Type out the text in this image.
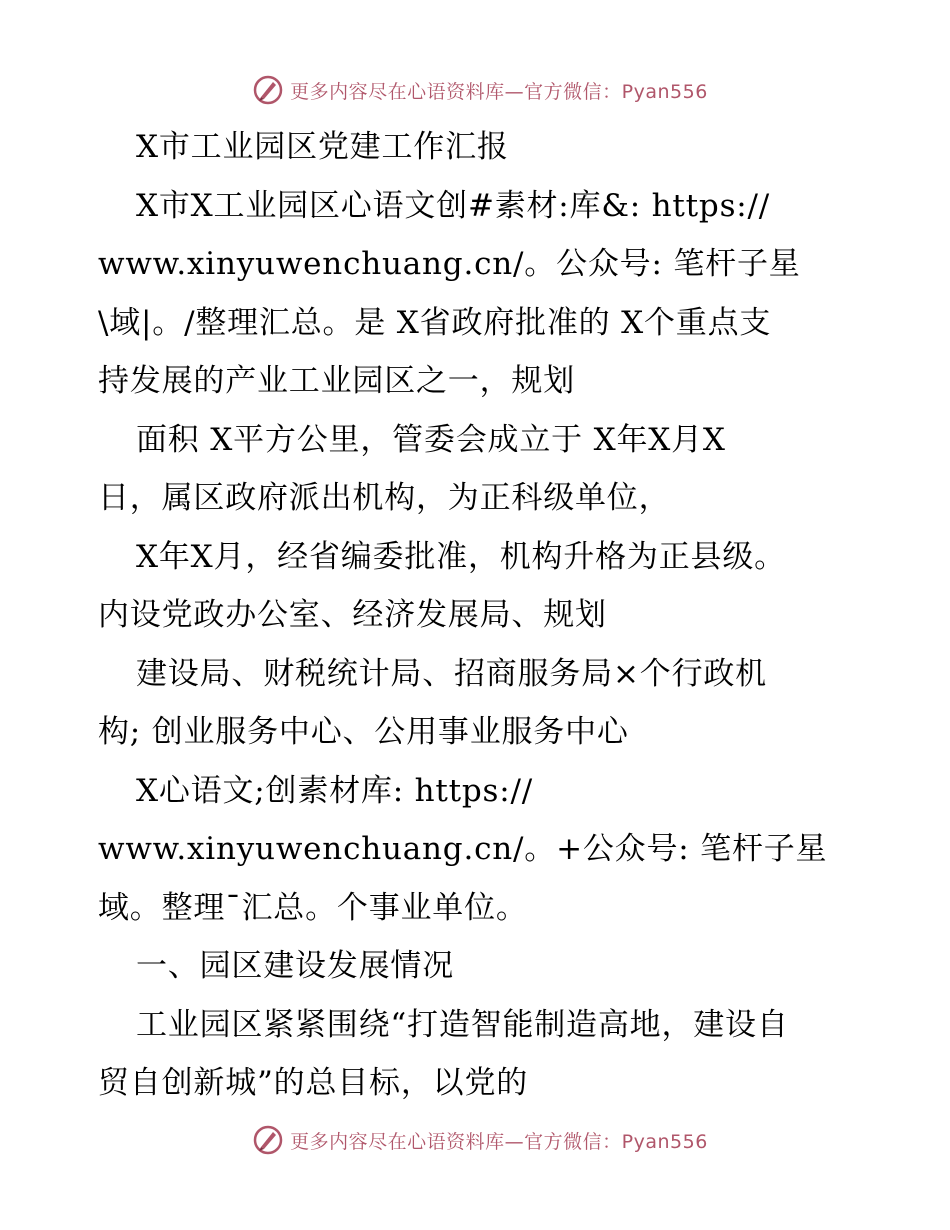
更多内容尽在心语资料库—官方微信：Pyan556
X市工业园区党建工作汇报
X市X工业园区心语文创#素材:库&: https://
www.xinyuwenchuang.cn/。公众号: 笔杆子星
\域|。/整理汇总。是 X省政府批准的 X个重点支
持发展的产业工业园区之一，规划
面积 X平方公里，管委会成立于 X年X月X
日，属区政府派出机构，为正科级单位，
X年X月，经省编委批准，机构升格为正县级。
内设党政办公室、经济发展局、规划
建设局、财税统计局、招商服务局×个行政机
构; 创业服务中心、公用事业服务中心
X心语文;创素材库: https://
www.xinyuwenchuang.cn/。+公众号: 笔杆子星
域。整理¯汇总。个事业单位。
一、园区建设发展情况
工业园区紧紧围绕“打造智能制造高地，建设自
贸自创新城”的总目标，以党的
更多内容尽在心语资料库—官方微信：Pyan556
